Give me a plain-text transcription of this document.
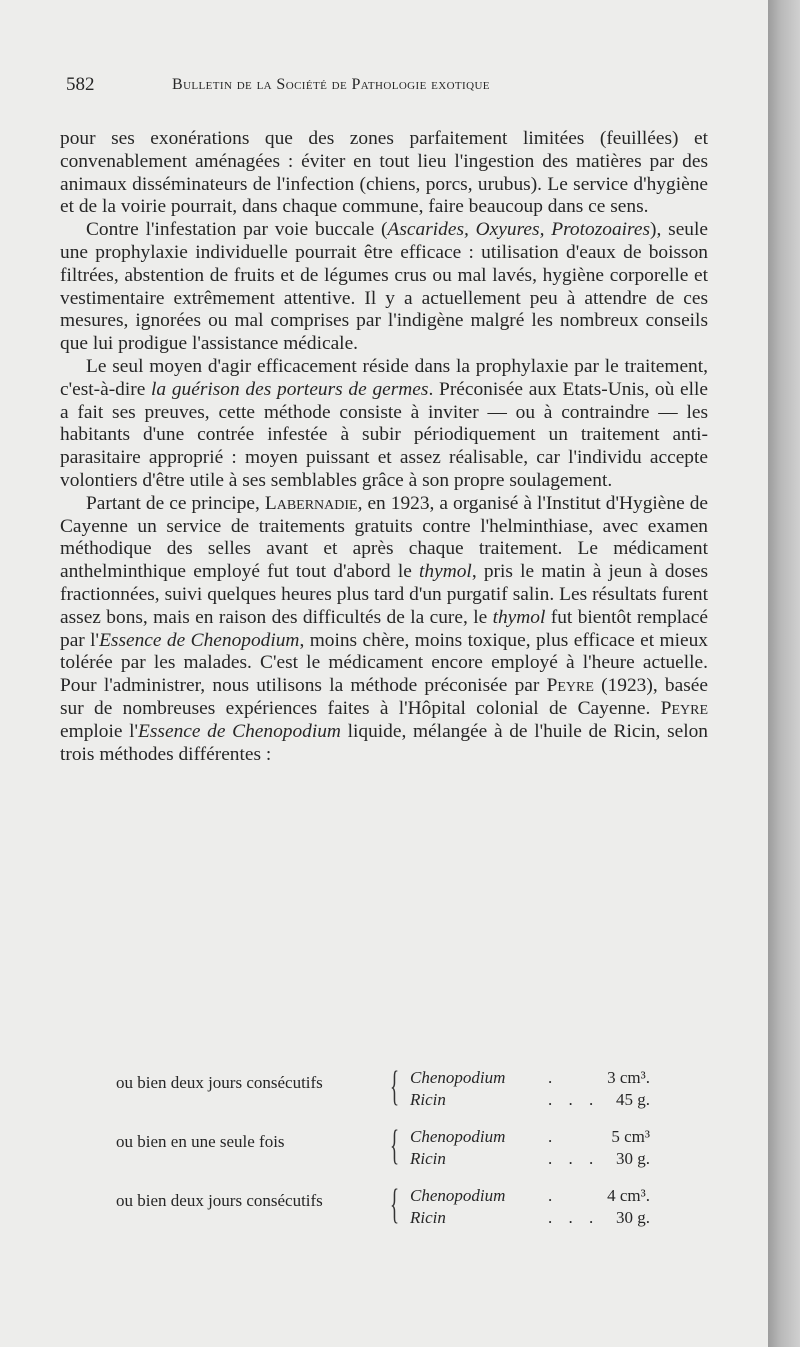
582	Bulletin de la Société de Pathologie exotique

pour ses exonérations que des zones parfaitement limitées (feuillées) et convenablement aménagées : éviter en tout lieu l'ingestion des matières par des animaux disséminateurs de l'infection (chiens, porcs, urubus). Le service d'hygiène et de la voirie pourrait, dans chaque commune, faire beaucoup dans ce sens.

Contre l'infestation par voie buccale (Ascarides, Oxyures, Protozoaires), seule une prophylaxie individuelle pourrait être efficace : utilisation d'eaux de boisson filtrées, abstention de fruits et de légumes crus ou mal lavés, hygiène corporelle et vestimentaire extrêmement attentive. Il y a actuellement peu à attendre de ces mesures, ignorées ou mal comprises par l'indigène malgré les nombreux conseils que lui prodigue l'assistance médicale.

Le seul moyen d'agir efficacement réside dans la prophylaxie par le traitement, c'est-à-dire la guérison des porteurs de germes. Préconisée aux Etats-Unis, où elle a fait ses preuves, cette méthode consiste à inviter — ou à contraindre — les habitants d'une contrée infestée à subir périodiquement un traitement anti-parasitaire approprié : moyen puissant et assez réalisable, car l'individu accepte volontiers d'être utile à ses semblables grâce à son propre soulagement.

Partant de ce principe, Labernadie, en 1923, a organisé à l'Institut d'Hygiène de Cayenne un service de traitements gratuits contre l'helminthiase, avec examen méthodique des selles avant et après chaque traitement. Le médicament anthelminthique employé fut tout d'abord le thymol, pris le matin à jeun à doses fractionnées, suivi quelques heures plus tard d'un purgatif salin. Les résultats furent assez bons, mais en raison des difficultés de la cure, le thymol fut bientôt remplacé par l'Essence de Chenopodium, moins chère, moins toxique, plus efficace et mieux tolérée par les malades. C'est le médicament encore employé à l'heure actuelle. Pour l'administrer, nous utilisons la méthode préconisée par Peyre (1923), basée sur de nombreuses expériences faites à l'Hôpital colonial de Cayenne. Peyre emploie l'Essence de Chenopodium liquide, mélangée à de l'huile de Ricin, selon trois méthodes différentes :

ou bien deux jours consécutifs { Chenopodium	.	3 cm³.
Ricin	. . . 45 g.
ou bien en une seule fois	{ Chenopodium	.	5 cm³
Ricin	. . . 30 g.
ou bien deux jours consécutifs { Chenopodium	.	4 cm³.
Ricin	. . . 30 g.
